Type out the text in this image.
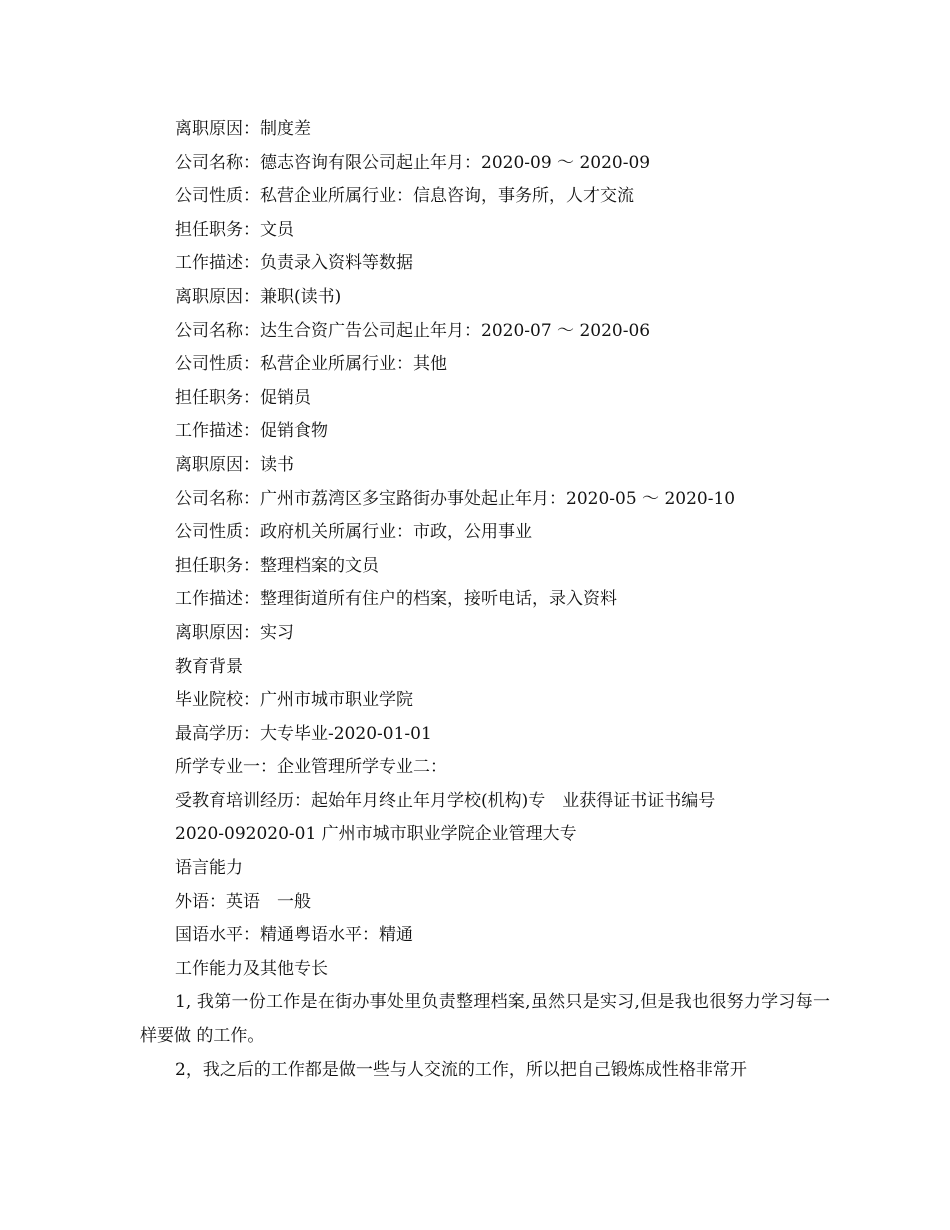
离职原因：制度差
公司名称：德志咨询有限公司起止年月：2020-09 ～ 2020-09
公司性质：私营企业所属行业：信息咨询，事务所，人才交流
担任职务：文员
工作描述：负责录入资料等数据
离职原因：兼职(读书)
公司名称：达生合资广告公司起止年月：2020-07 ～ 2020-06
公司性质：私营企业所属行业：其他
担任职务：促销员
工作描述：促销食物
离职原因：读书
公司名称：广州市荔湾区多宝路街办事处起止年月：2020-05 ～ 2020-10
公司性质：政府机关所属行业：市政，公用事业
担任职务：整理档案的文员
工作描述：整理街道所有住户的档案，接听电话，录入资料
离职原因：实习
教育背景
毕业院校：广州市城市职业学院
最高学历：大专毕业-2020-01-01
所学专业一：企业管理所学专业二：
受教育培训经历：起始年月终止年月学校(机构)专　业获得证书证书编号
2020-092020-01 广州市城市职业学院企业管理大专
语言能力
外语：英语　一般
国语水平：精通粤语水平：精通
工作能力及其他专长

1, 我第一份工作是在街办事处里负责整理档案,虽然只是实习,但是我也很努力学习每一样要做 的工作。

2，我之后的工作都是做一些与人交流的工作，所以把自己锻炼成性格非常开
